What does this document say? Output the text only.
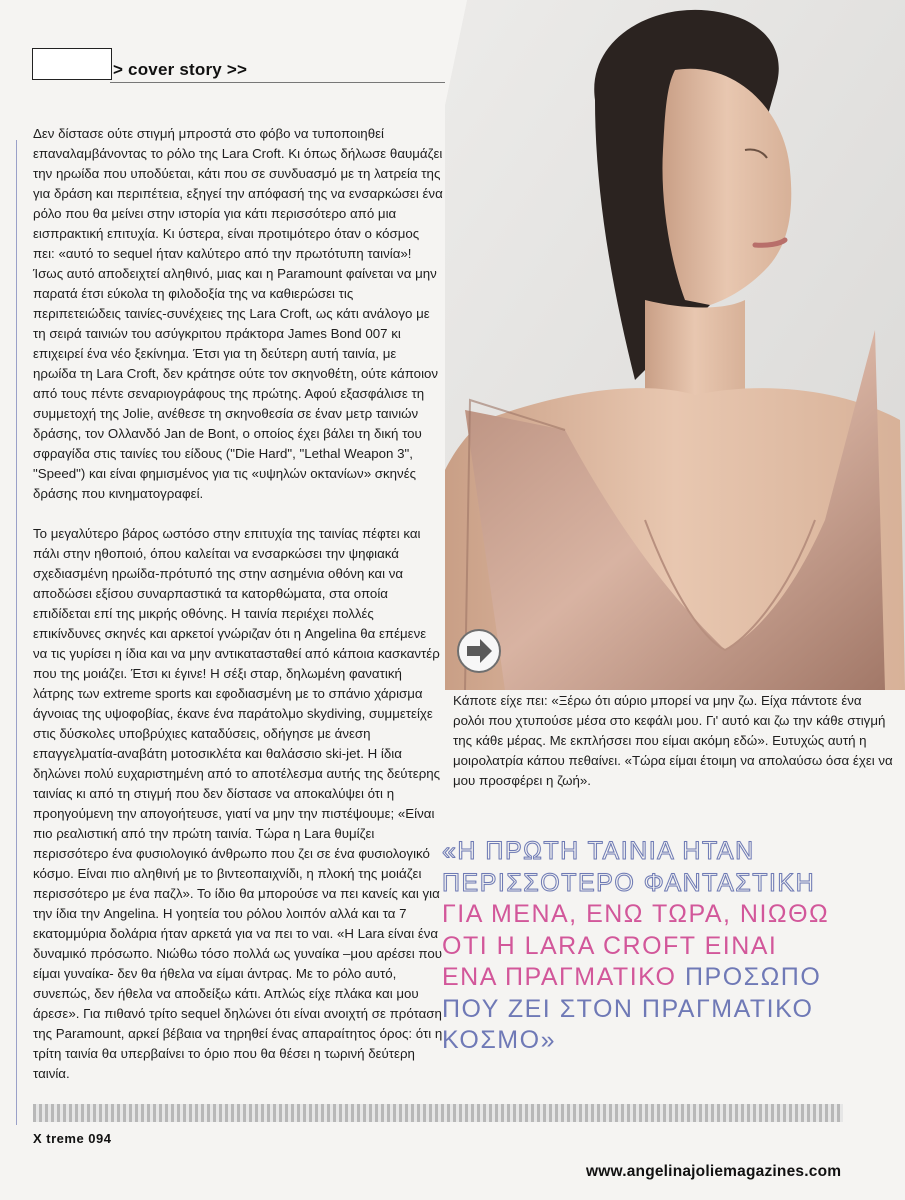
> cover story >>

Δεν δίστασε ούτε στιγμή μπροστά στο φόβο να τυποποιηθεί επαναλαμβάνοντας το ρόλο της Lara Croft. Κι όπως δήλωσε θαυμάζει την ηρωίδα που υποδύεται, κάτι που σε συνδυασμό με τη λατρεία της για δράση και περιπέτεια, εξηγεί την απόφασή της να ενσαρκώσει ένα ρόλο που θα μείνει στην ιστορία για κάτι περισσότερο από μια εισπρακτική επιτυχία. Κι ύστερα, είναι προτιμότερο όταν ο κόσμος πει: «αυτό το sequel ήταν καλύτερο από την πρωτότυπη ταινία»! Ίσως αυτό αποδειχτεί αληθινό, μιας και η Paramount φαίνεται να μην παρατά έτσι εύκολα τη φιλοδοξία της να καθιερώσει τις περιπετειώδεις ταινίες-συνέχειες της Lara Croft, ως κάτι ανάλογο με τη σειρά ταινιών του ασύγκριτου πράκτορα James Bond 007 κι επιχειρεί ένα νέο ξεκίνημα. Έτσι για τη δεύτερη αυτή ταινία, με ηρωίδα τη Lara Croft, δεν κράτησε ούτε τον σκηνοθέτη, ούτε κάποιον από τους πέντε σεναριογράφους της πρώτης. Αφού εξασφάλισε τη συμμετοχή της Jolie, ανέθεσε τη σκηνοθεσία σε έναν μετρ ταινιών δράσης, τον Ολλανδό Jan de Bont, ο οποίος έχει βάλει τη δική του σφραγίδα στις ταινίες του είδους ("Die Hard", "Lethal Weapon 3", "Speed") και είναι φημισμένος για τις «υψηλών οκτανίων» σκηνές δράσης που κινηματογραφεί.

Το μεγαλύτερο βάρος ωστόσο στην επιτυχία της ταινίας πέφτει και πάλι στην ηθοποιό, όπου καλείται να ενσαρκώσει την ψηφιακά σχεδιασμένη ηρωίδα-πρότυπό της στην ασημένια οθόνη και να αποδώσει εξίσου συναρπαστικά τα κατορθώματα, στα οποία επιδίδεται επί της μικρής οθόνης. Η ταινία περιέχει πολλές επικίνδυνες σκηνές και αρκετοί γνώριζαν ότι η Angelina θα επέμενε να τις γυρίσει η ίδια και να μην αντικατασταθεί από κάποια κασκαντέρ που της μοιάζει. Έτσι κι έγινε! Η σέξι σταρ, δηλωμένη φανατική λάτρης των extreme sports και εφοδιασμένη με το σπάνιο χάρισμα άγνοιας της υψοφοβίας, έκανε ένα παράτολμο skydiving, συμμετείχε στις δύσκολες υποβρύχιες καταδύσεις, οδήγησε με άνεση επαγγελματία-αναβάτη μοτοσικλέτα και θαλάσσιο ski-jet. Η ίδια δηλώνει πολύ ευχαριστημένη από το αποτέλεσμα αυτής της δεύτερης ταινίας κι από τη στιγμή που δεν δίστασε να αποκαλύψει ότι η προηγούμενη την απογοήτευσε, γιατί να μην την πιστέψουμε; «Είναι πιο ρεαλιστική από την πρώτη ταινία. Τώρα η Lara θυμίζει περισσότερο ένα φυσιολογικό άνθρωπο που ζει σε ένα φυσιολογικό κόσμο. Είναι πιο αληθινή με το βιντεοπαιχνίδι, η πλοκή της μοιάζει περισσότερο με ένα παζλ». Το ίδιο θα μπορούσε να πει κανείς και για την ίδια την Angelina. Η γοητεία του ρόλου λοιπόν αλλά και τα 7 εκατομμύρια δολάρια ήταν αρκετά για να πει το ναι. «Η Lara είναι ένα δυναμικό πρόσωπο. Νιώθω τόσο πολλά ως γυναίκα –μου αρέσει που είμαι γυναίκα- δεν θα ήθελα να είμαι άντρας. Με το ρόλο αυτό, συνεπώς, δεν ήθελα να αποδείξω κάτι. Απλώς είχε πλάκα και μου άρεσε». Για πιθανό τρίτο sequel δηλώνει ότι είναι ανοιχτή σε πρόταση της Paramount, αρκεί βέβαια να τηρηθεί ένας απαραίτητος όρος: ότι η τρίτη ταινία θα υπερβαίνει το όριο που θα θέσει η τωρινή δεύτερη ταινία.

Κάποτε είχε πει: «Ξέρω ότι αύριο μπορεί να μην ζω. Είχα πάντοτε ένα ρολόι που χτυπούσε μέσα στο κεφάλι μου. Γι' αυτό και ζω την κάθε στιγμή της κάθε μέρας. Με εκπλήσσει που είμαι ακόμη εδώ». Ευτυχώς αυτή η μοιρολατρία κάπου πεθαίνει. «Τώρα είμαι έτοιμη να απολαύσω όσα έχει να μου προσφέρει η ζωή».
«Η ΠΡΩΤΗ ΤΑΙΝΙΑ ΗΤΑΝ
ΠΕΡΙΣΣΟΤΕΡΟ ΦΑΝΤΑΣΤΙΚΗ
ΓΙΑ ΜΕΝΑ, ΕΝΩ ΤΩΡΑ, ΝΙΩΘΩ
ΟΤΙ Η LARA CROFT ΕΙΝΑΙ
ΕΝΑ ΠΡΑΓΜΑΤΙΚΟ ΠΡΟΣΩΠΟ
ΠΟΥ ΖΕΙ ΣΤΟΝ ΠΡΑΓΜΑΤΙΚΟ
ΚΟΣΜΟ»
X treme 094
www.angelinajoliemagazines.com
